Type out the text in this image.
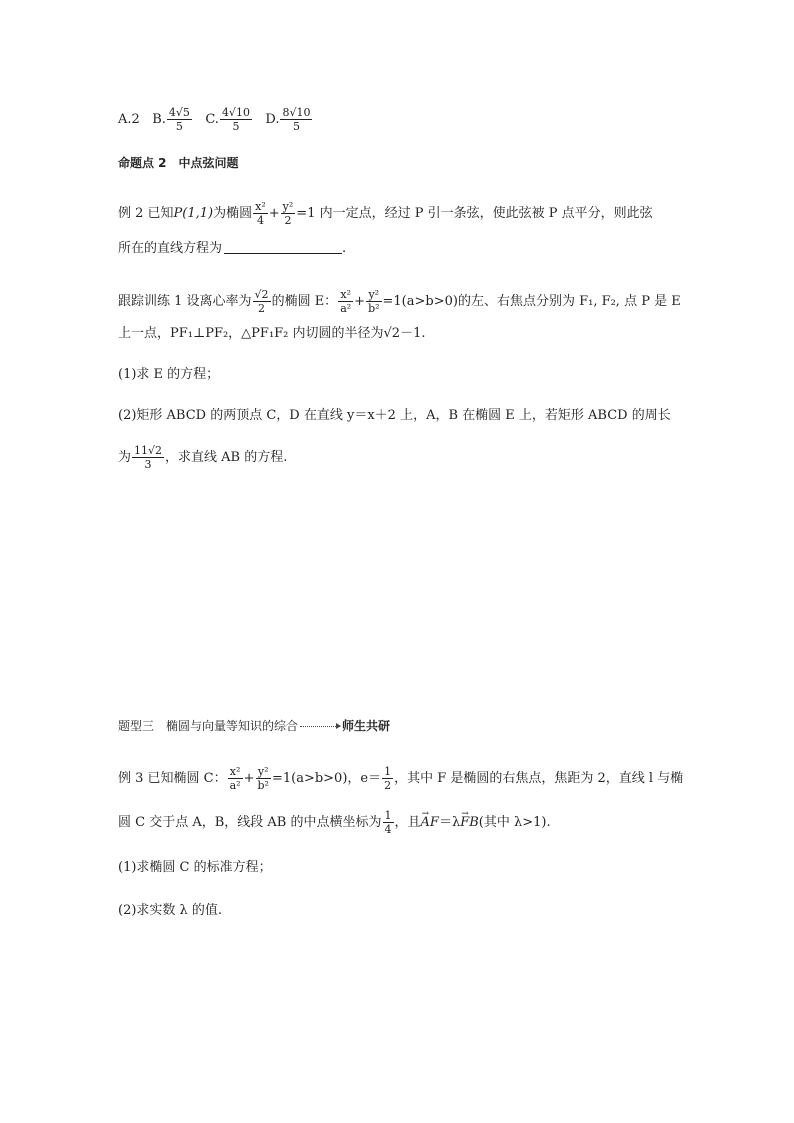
A.2 B. $\frac{4√5}{5} C$. $\frac{4√10}{5} D$. $\frac{8√10}{5}$
命题点 2　中点弦问题
例 2 已知P(1,1)为椭圆 $\frac{\text{x²}}{4} + \frac{\text{y²}}{2} =1$ 内一定点，经过 P 引一条弦，使此弦被 P 点平分，则此弦
所在的直线方程为	.
跟踪训练 1 设离心率为 $\frac{√2}{2}$ 的椭圆 E： $\frac{\text{x²}}{\text{a²}} + \frac{\text{y²}}{\text{b²}} =1(a>b>0)$的左、右焦点分别为 F₁, F₂, 点 P 是 E
上一点，PF₁⊥PF₂，△PF₁F₂ 内切圆的半径为√2－1.
(1)求 E 的方程；
(2)矩形 ABCD 的两顶点 C，D 在直线 y＝x＋2 上，A，B 在椭圆 E 上，若矩形 ABCD 的周长
为 $\frac{11√2}{3}$ ，求直线 AB 的方程.
题型三　椭圆与向量等知识的综合	师生共研
例 3 已知椭圆 C： $\frac{\text{x²}}{\text{a²}} + \frac{\text{y²}}{\text{b²}} =1(a>b>0)$，$e= \frac{1}{2}$ ，其中 F 是椭圆的右焦点，焦距为 2，直线 l 与椭
圆 C 交于点 A，B，线段 AB 的中点横坐标为 $\frac{1}{4}$ ，且→ AF＝λ→ FB(其中 λ>1).
(1)求椭圆 C 的标准方程；
(2)求实数 λ 的值.
